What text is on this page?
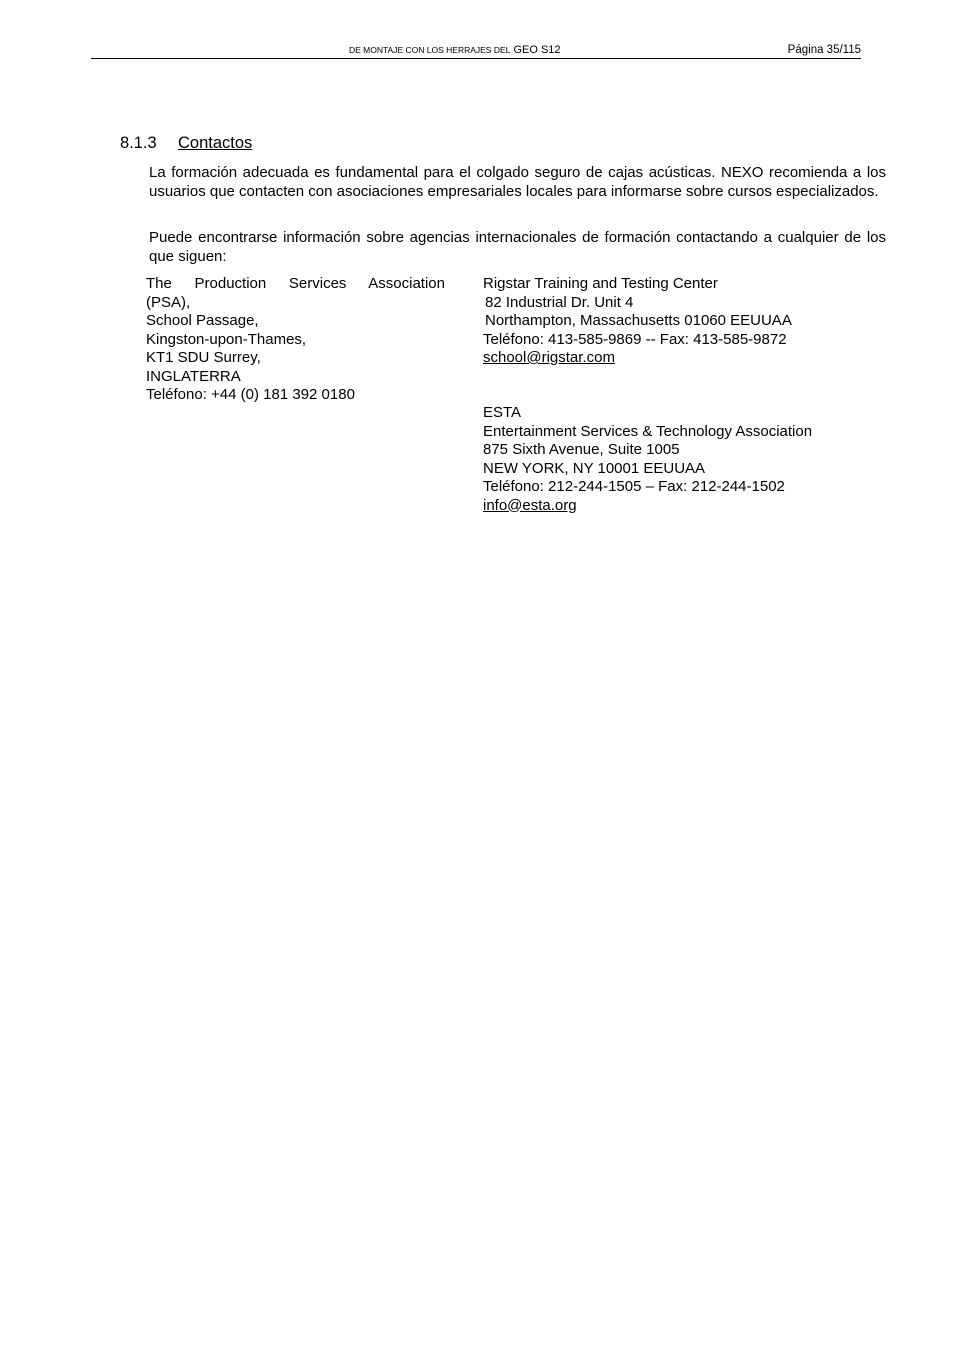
DE MONTAJE CON LOS HERRAJES DEL GEO S12	Página 35/115
8.1.3 Contactos

La formación adecuada es fundamental para el colgado seguro de cajas acústicas. NEXO recomienda a los usuarios que contacten con asociaciones empresariales locales para informarse sobre cursos especializados.

Puede encontrarse información sobre agencias internacionales de formación contactando a cualquier de los que siguen:

The Production Services Association
(PSA),
School Passage,
Kingston-upon-Thames,
KT1 SDU Surrey,
INGLATERRA
Teléfono: +44 (0) 181 392 0180
Rigstar Training and Testing Center
82 Industrial Dr. Unit 4
Northampton, Massachusetts 01060 EEUUAA
Teléfono: 413-585-9869 -- Fax: 413-585-9872
school@rigstar.com
ESTA
Entertainment Services & Technology Association
875 Sixth Avenue, Suite 1005
NEW YORK, NY 10001 EEUUAA
Teléfono: 212-244-1505 – Fax: 212-244-1502
info@esta.org
